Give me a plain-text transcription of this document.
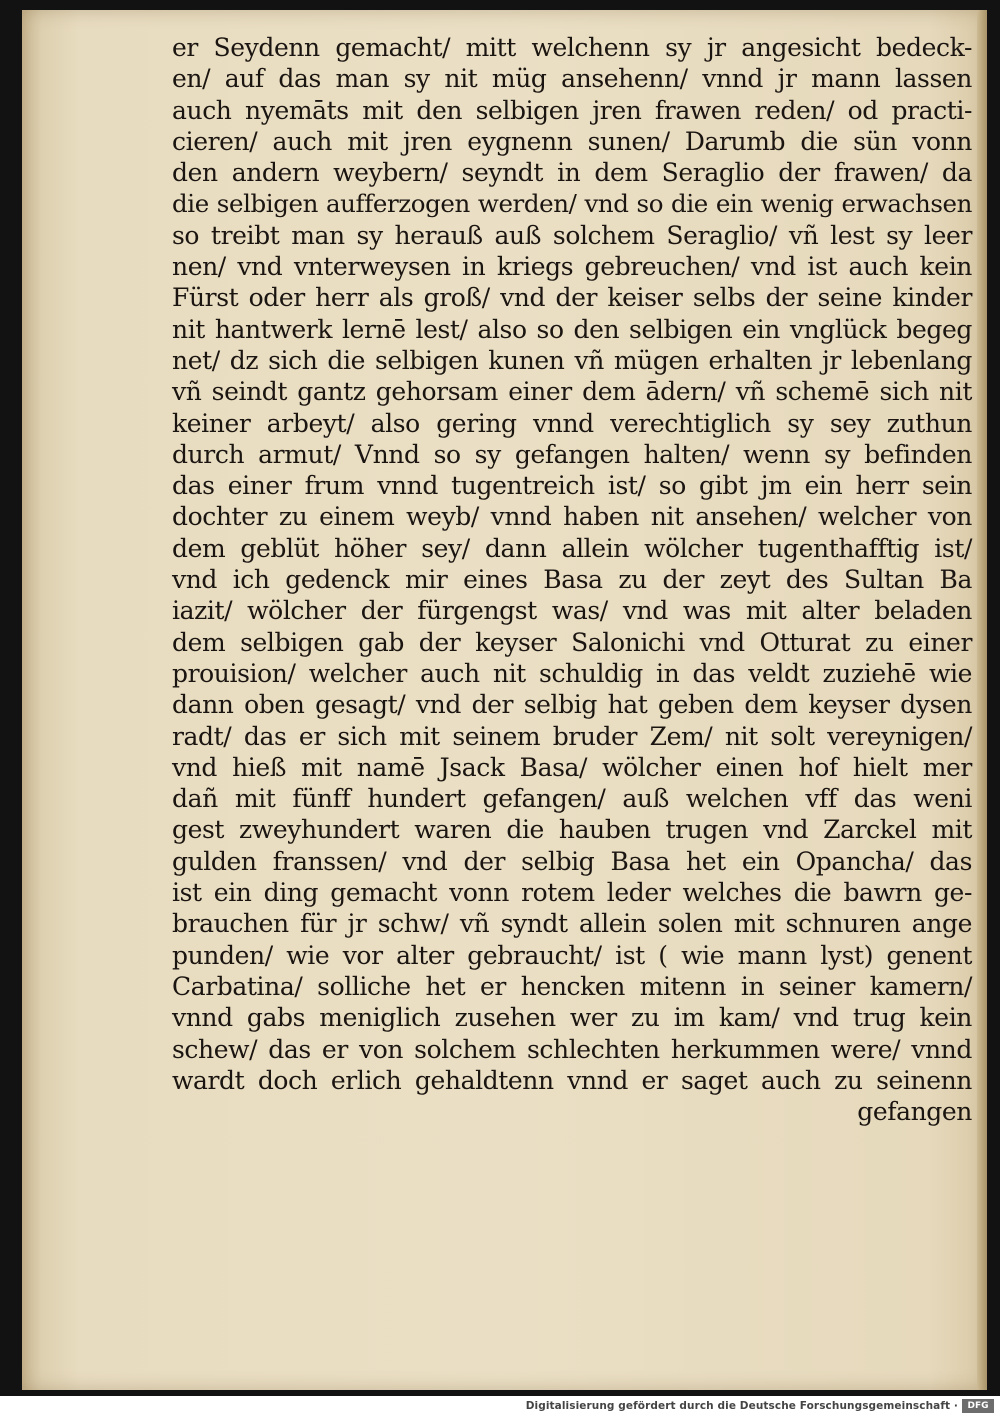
er Seydenn gemacht/ mitt welchenn sy jr angesicht bedeck-
en/ auf das man sy nit müg ansehenn/ vnnd jr mann lassen
auch nyemāts mit den selbigen jren frawen reden/ od practi-
cieren/ auch mit jren eygnenn sunen/ Darumb die sün vonn
den andern weybern/ seyndt in dem Seraglio der frawen/ da
die selbigen aufferzogen werden/ vnd so die ein wenig erwachsen
so treibt man sy herauß auß solchem Seraglio/ vñ lest sy leer
nen/ vnd vnterweysen in kriegs gebreuchen/ vnd ist auch kein
Fürst oder herr als groß/ vnd der keiser selbs der seine kinder
nit hantwerk lernē lest/ also so den selbigen ein vnglück begeg
net/ dz sich die selbigen kunen vñ mügen erhalten jr lebenlang
vñ seindt gantz gehorsam einer dem ādern/ vñ schemē sich nit
keiner arbeyt/ also gering vnnd verechtiglich sy sey zuthun
durch armut/ Vnnd so sy gefangen halten/ wenn sy befinden
das einer frum vnnd tugentreich ist/ so gibt jm ein herr sein
dochter zu einem weyb/ vnnd haben nit ansehen/ welcher von
dem geblüt höher sey/ dann allein wölcher tugenthafftig ist/
vnd ich gedenck mir eines Basa zu der zeyt des Sultan Ba
iazit/ wölcher der fürgengst was/ vnd was mit alter beladen
dem selbigen gab der keyser Salonichi vnd Otturat zu einer
prouision/ welcher auch nit schuldig in das veldt zuziehē wie
dann oben gesagt/ vnd der selbig hat geben dem keyser dysen
radt/ das er sich mit seinem bruder Zem/ nit solt vereynigen/
vnd hieß mit namē Jsack Basa/ wölcher einen hof hielt mer
dañ mit fünff hundert gefangen/ auß welchen vff das weni
gest zweyhundert waren die hauben trugen vnd Zarckel mit
gulden franssen/ vnd der selbig Basa het ein Opancha/ das
ist ein ding gemacht vonn rotem leder welches die bawrn ge-
brauchen für jr schw/ vñ syndt allein solen mit schnuren ange
punden/ wie vor alter gebraucht/ ist ( wie mann lyst) genent
Carbatina/ solliche het er hencken mitenn in seiner kamern/
vnnd gabs meniglich zusehen wer zu im kam/ vnd trug kein
schew/ das er von solchem schlechten herkummen were/ vnnd
wardt doch erlich gehaldtenn vnnd er saget auch zu seinenn
gefangen
Digitalisierung gefördert durch die Deutsche Forschungsgemeinschaft ·	DFG
